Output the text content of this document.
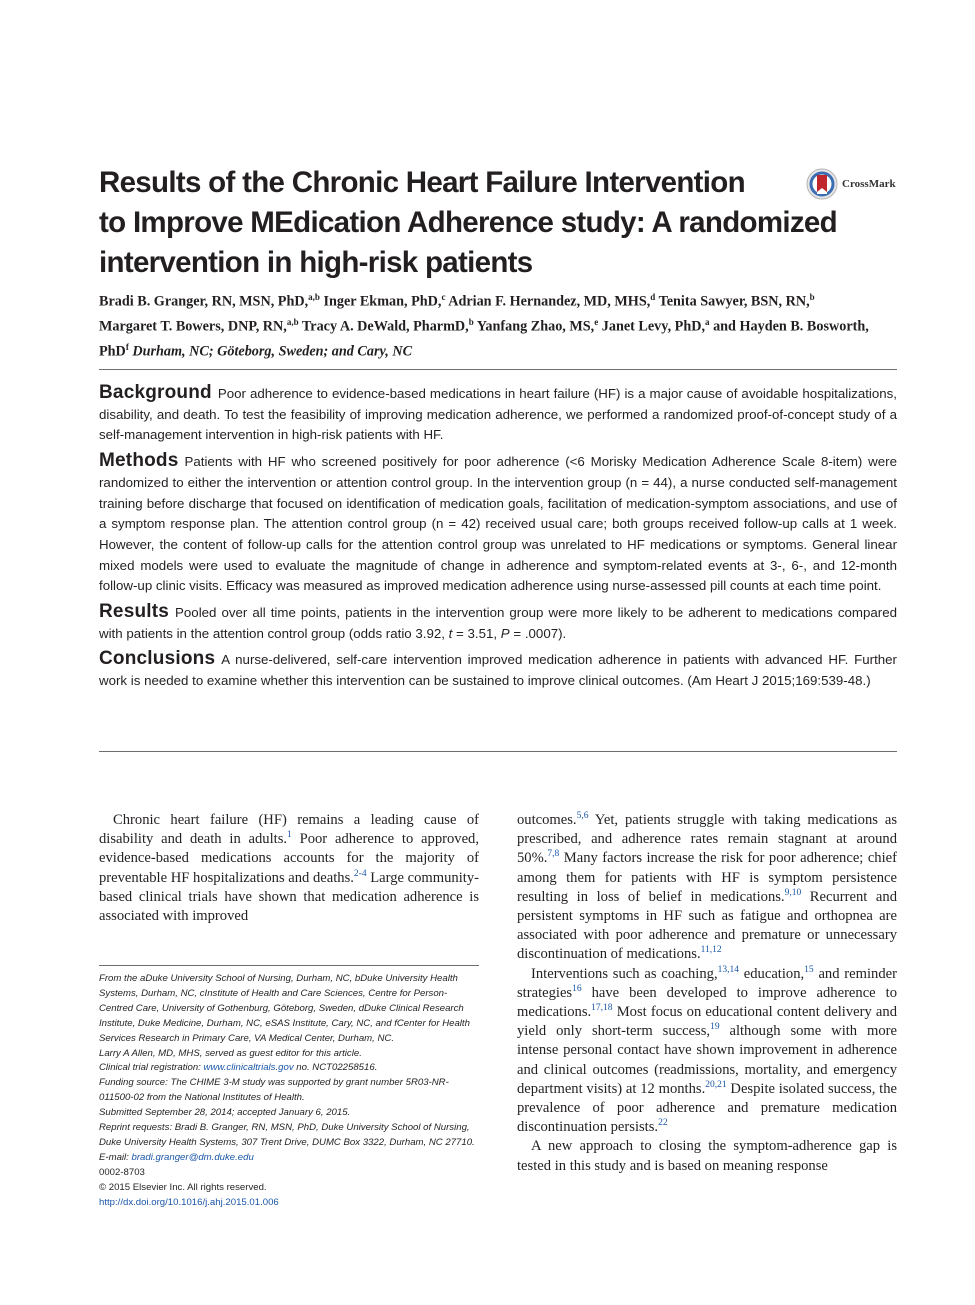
Results of the Chronic Heart Failure Intervention
to Improve MEdication Adherence study: A randomized
intervention in high-risk patients
CrossMark
Bradi B. Granger, RN, MSN, PhD,$^{a,b}$ Inger Ekman, PhD,$^c$ Adrian F. Hernandez, MD, MHS,$^d$ Tenita Sawyer, BSN, RN,$^b$
Margaret T. Bowers, DNP, RN,$^{a,b}$ Tracy A. DeWald, PharmD,$^b$ Yanfang Zhao, MS,$^e$ Janet Levy, PhD,$^a$ and Hayden B. Bosworth,
PhD$^f$ Durham, NC; Göteborg, Sweden; and Cary, NC

Background Poor adherence to evidence-based medications in heart failure (HF) is a major cause of avoidable hospitalizations, disability, and death. To test the feasibility of improving medication adherence, we performed a randomized proof-of-concept study of a self-management intervention in high-risk patients with HF.

Methods Patients with HF who screened positively for poor adherence (<6 Morisky Medication Adherence Scale 8-item) were randomized to either the intervention or attention control group. In the intervention group (n = 44), a nurse conducted self-management training before discharge that focused on identification of medication goals, facilitation of medication-symptom associations, and use of a symptom response plan. The attention control group (n = 42) received usual care; both groups received follow-up calls at 1 week. However, the content of follow-up calls for the attention control group was unrelated to HF medications or symptoms. General linear mixed models were used to evaluate the magnitude of change in adherence and symptom-related events at 3-, 6-, and 12-month follow-up clinic visits. Efficacy was measured as improved medication adherence using nurse-assessed pill counts at each time point.

Results Pooled over all time points, patients in the intervention group were more likely to be adherent to medications compared with patients in the attention control group (odds ratio 3.92, t = 3.51, P = .0007).

Conclusions A nurse-delivered, self-care intervention improved medication adherence in patients with advanced HF. Further work is needed to examine whether this intervention can be sustained to improve clinical outcomes. (Am Heart J 2015;169:539-48.)

Chronic heart failure (HF) remains a leading cause of disability and death in adults.$^1$ Poor adherence to approved, evidence-based medications accounts for the majority of preventable HF hospitalizations and deaths.$^{2-4}$ Large community-based clinical trials have shown that medication adherence is associated with improved

From the aDuke University School of Nursing, Durham, NC, bDuke University Health Systems, Durham, NC, cInstitute of Health and Care Sciences, Centre for Person-Centred Care, University of Gothenburg, Göteborg, Sweden, dDuke Clinical Research Institute, Duke Medicine, Durham, NC, eSAS Institute, Cary, NC, and fCenter for Health Services Research in Primary Care, VA Medical Center, Durham, NC.

Larry A Allen, MD, MHS, served as guest editor for this article.

Clinical trial registration: www.clinicaltrials.gov no. NCT02258516.

Funding source: The CHIME 3-M study was supported by grant number 5R03-NR-011500-02 from the National Institutes of Health.

Submitted September 28, 2014; accepted January 6, 2015.

Reprint requests: Bradi B. Granger, RN, MSN, PhD, Duke University School of Nursing, Duke University Health Systems, 307 Trent Drive, DUMC Box 3322, Durham, NC 27710.

E-mail: bradi.granger@dm.duke.edu

0002-8703

© 2015 Elsevier Inc. All rights reserved.

http://dx.doi.org/10.1016/j.ahj.2015.01.006

outcomes.$^{5,6}$ Yet, patients struggle with taking medications as prescribed, and adherence rates remain stagnant at around 50%.$^{7,8}$ Many factors increase the risk for poor adherence; chief among them for patients with HF is symptom persistence resulting in loss of belief in medications.$^{9,10}$ Recurrent and persistent symptoms in HF such as fatigue and orthopnea are associated with poor adherence and premature or unnecessary discontinuation of medications.$^{11,12}$

Interventions such as coaching,$^{13,14}$ education,$^{15}$ and reminder strategies$^{16}$ have been developed to improve adherence to medications.$^{17,18}$ Most focus on educational content delivery and yield only short-term success,$^{19}$ although some with more intense personal contact have shown improvement in adherence and clinical outcomes (readmissions, mortality, and emergency department visits) at 12 months.$^{20,21}$ Despite isolated success, the prevalence of poor adherence and premature medication discontinuation persists.$^{22}$

A new approach to closing the symptom-adherence gap is tested in this study and is based on meaning response
